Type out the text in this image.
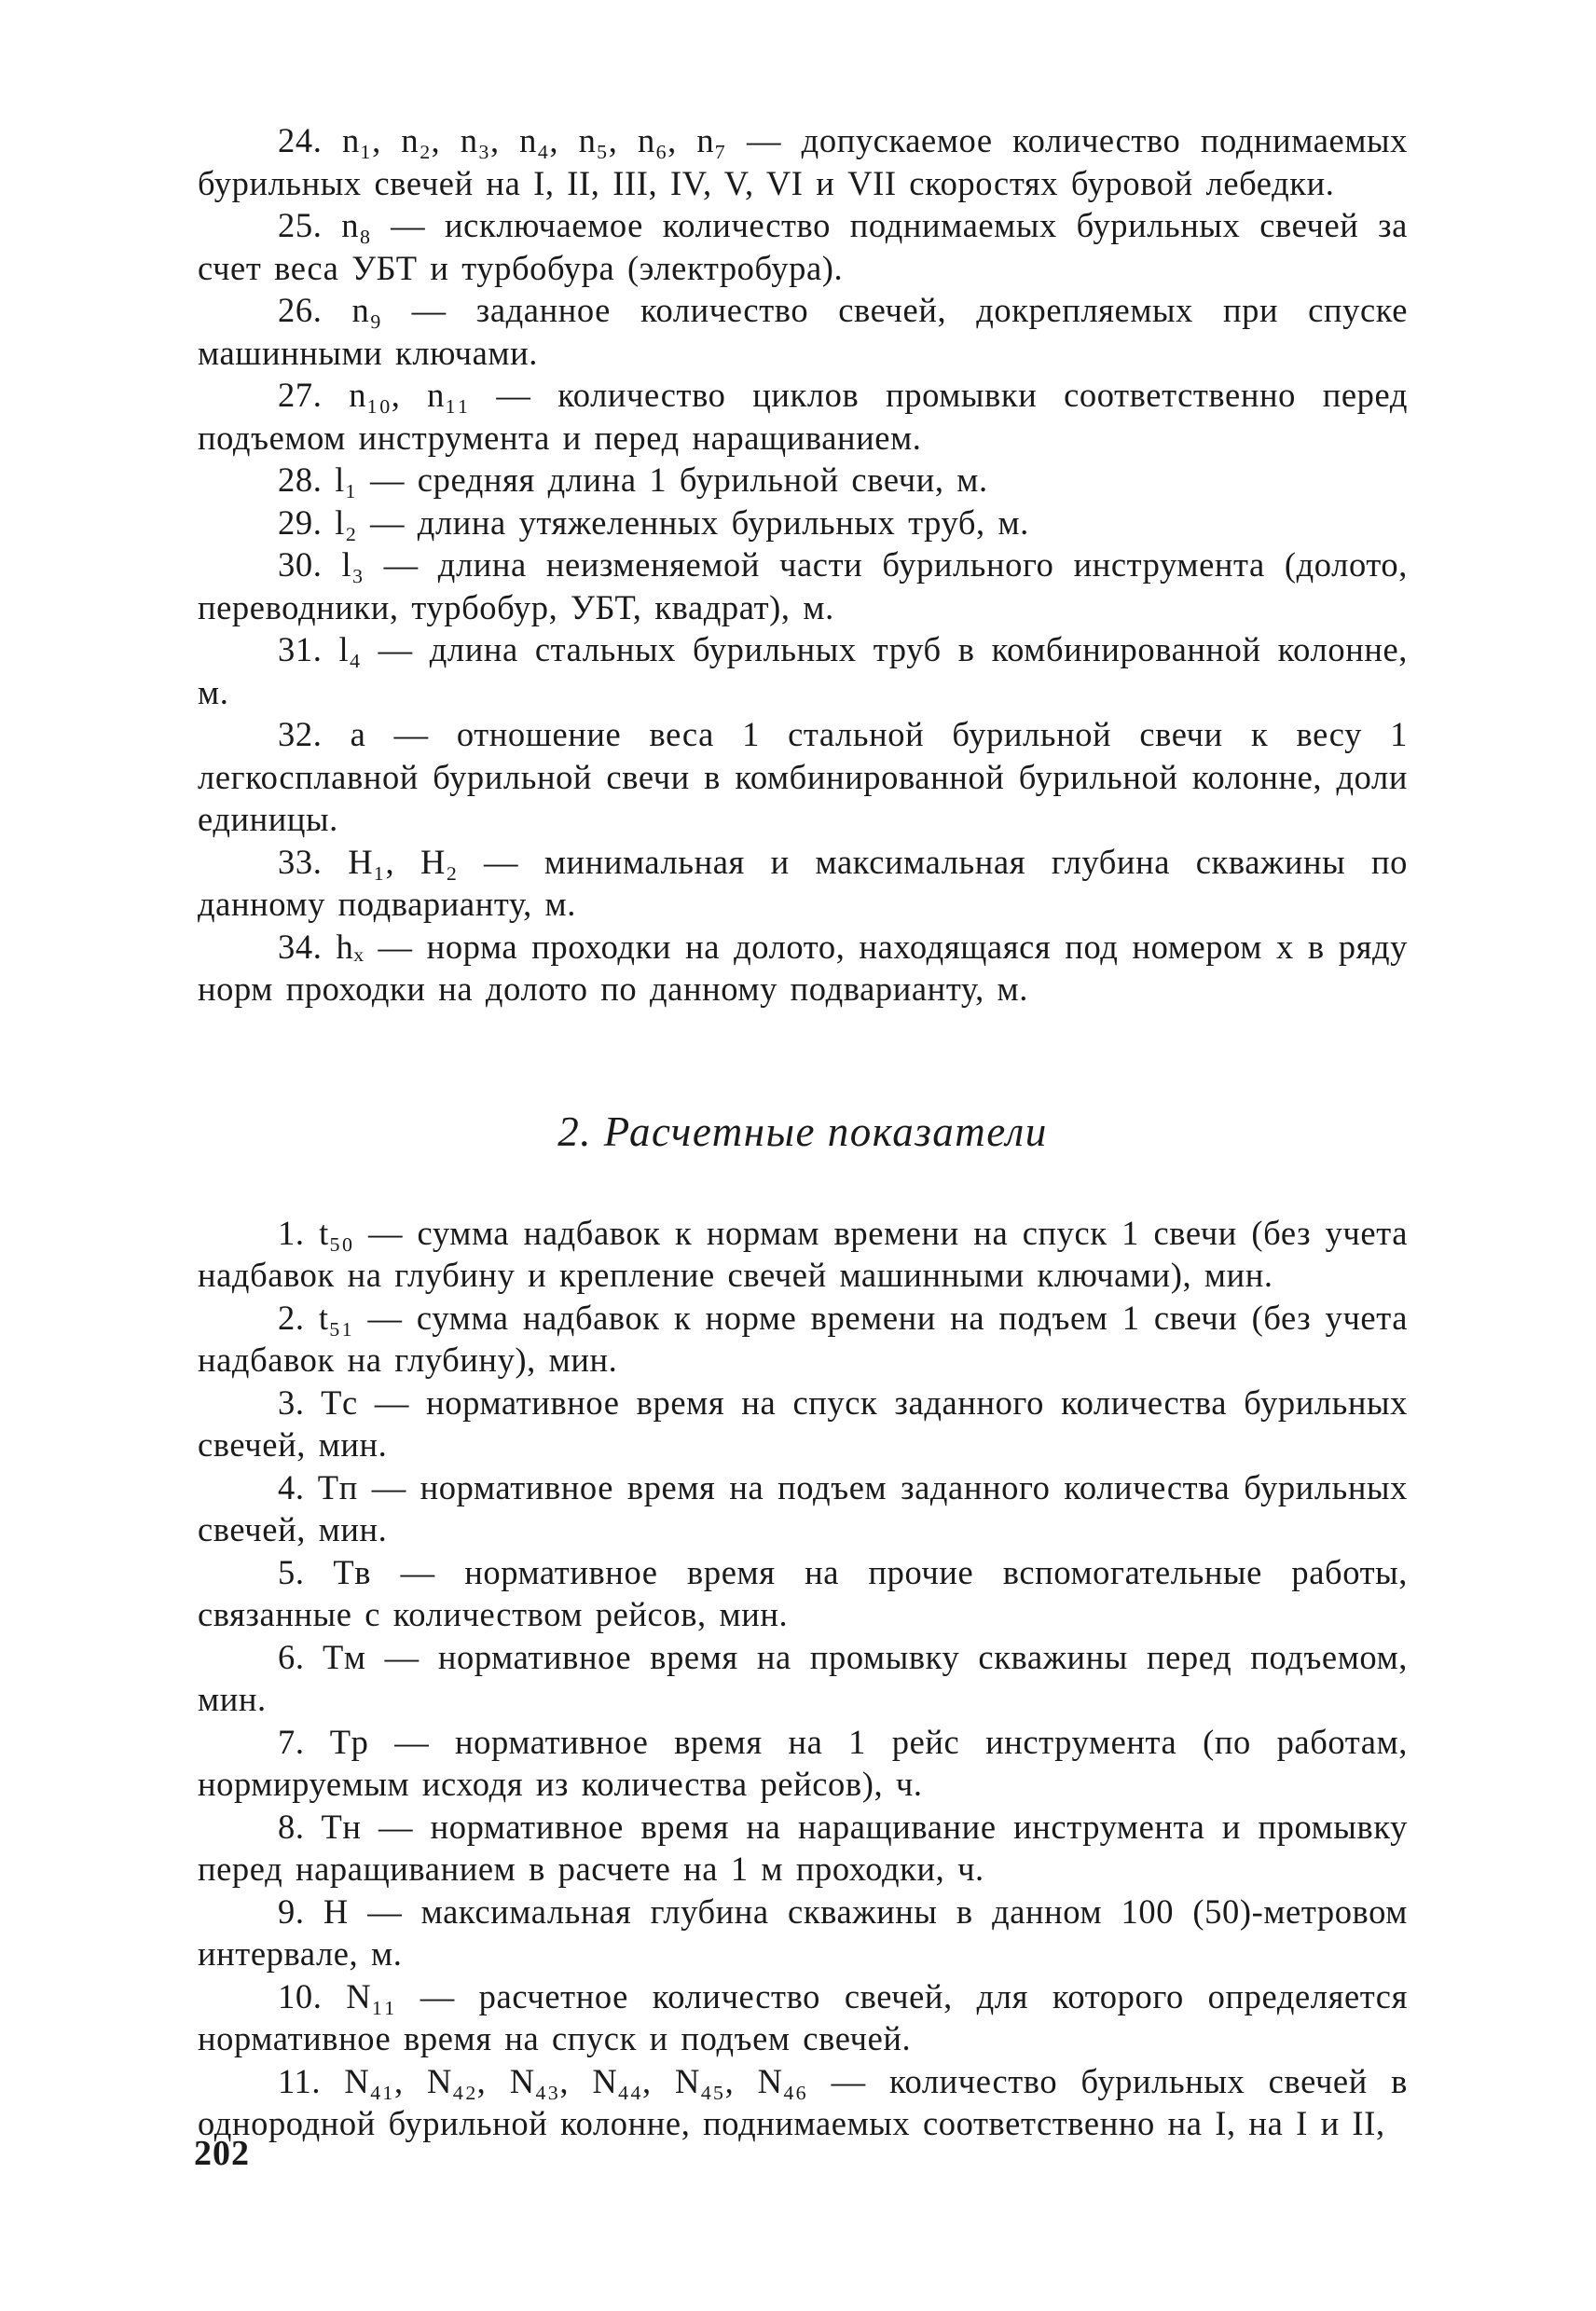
24. n₁, n₂, n₃, n₄, n₅, n₆, n₇ — допускаемое количество поднимаемых бурильных свечей на I, II, III, IV, V, VI и VII скоростях буровой лебедки.

25. n₈ — исключаемое количество поднимаемых бурильных свечей за счет веса УБТ и турбобура (электробура).

26. n₉ — заданное количество свечей, докрепляемых при спуске машинными ключами.

27. n₁₀, n₁₁ — количество циклов промывки соответственно перед подъемом инструмента и перед наращиванием.

28. l₁ — средняя длина 1 бурильной свечи, м.

29. l₂ — длина утяжеленных бурильных труб, м.

30. l₃ — длина неизменяемой части бурильного инструмента (долото, переводники, турбобур, УБТ, квадрат), м.

31. l₄ — длина стальных бурильных труб в комбинированной колонне, м.

32. a — отношение веса 1 стальной бурильной свечи к весу 1 легкосплавной бурильной свечи в комбинированной бурильной колонне, доли единицы.

33. H₁, H₂ — минимальная и максимальная глубина скважины по данному подварианту, м.

34. hₓ — норма проходки на долото, находящаяся под номером x в ряду норм проходки на долото по данному подварианту, м.

2. Расчетные показатели

1. t₅₀ — сумма надбавок к нормам времени на спуск 1 свечи (без учета надбавок на глубину и крепление свечей машинными ключами), мин.

2. t₅₁ — сумма надбавок к норме времени на подъем 1 свечи (без учета надбавок на глубину), мин.

3. Tс — нормативное время на спуск заданного количества бурильных свечей, мин.

4. Tп — нормативное время на подъем заданного количества бурильных свечей, мин.

5. Tв — нормативное время на прочие вспомогательные работы, связанные с количеством рейсов, мин.

6. Tм — нормативное время на промывку скважины перед подъемом, мин.

7. Tр — нормативное время на 1 рейс инструмента (по работам, нормируемым исходя из количества рейсов), ч.

8. Tн — нормативное время на наращивание инструмента и промывку перед наращиванием в расчете на 1 м проходки, ч.

9. H — максимальная глубина скважины в данном 100 (50)-метровом интервале, м.

10. N₁₁ — расчетное количество свечей, для которого определяется нормативное время на спуск и подъем свечей.

11. N₄₁, N₄₂, N₄₃, N₄₄, N₄₅, N₄₆ — количество бурильных свечей в однородной бурильной колонне, поднимаемых соответственно на I, на I и II,

202
